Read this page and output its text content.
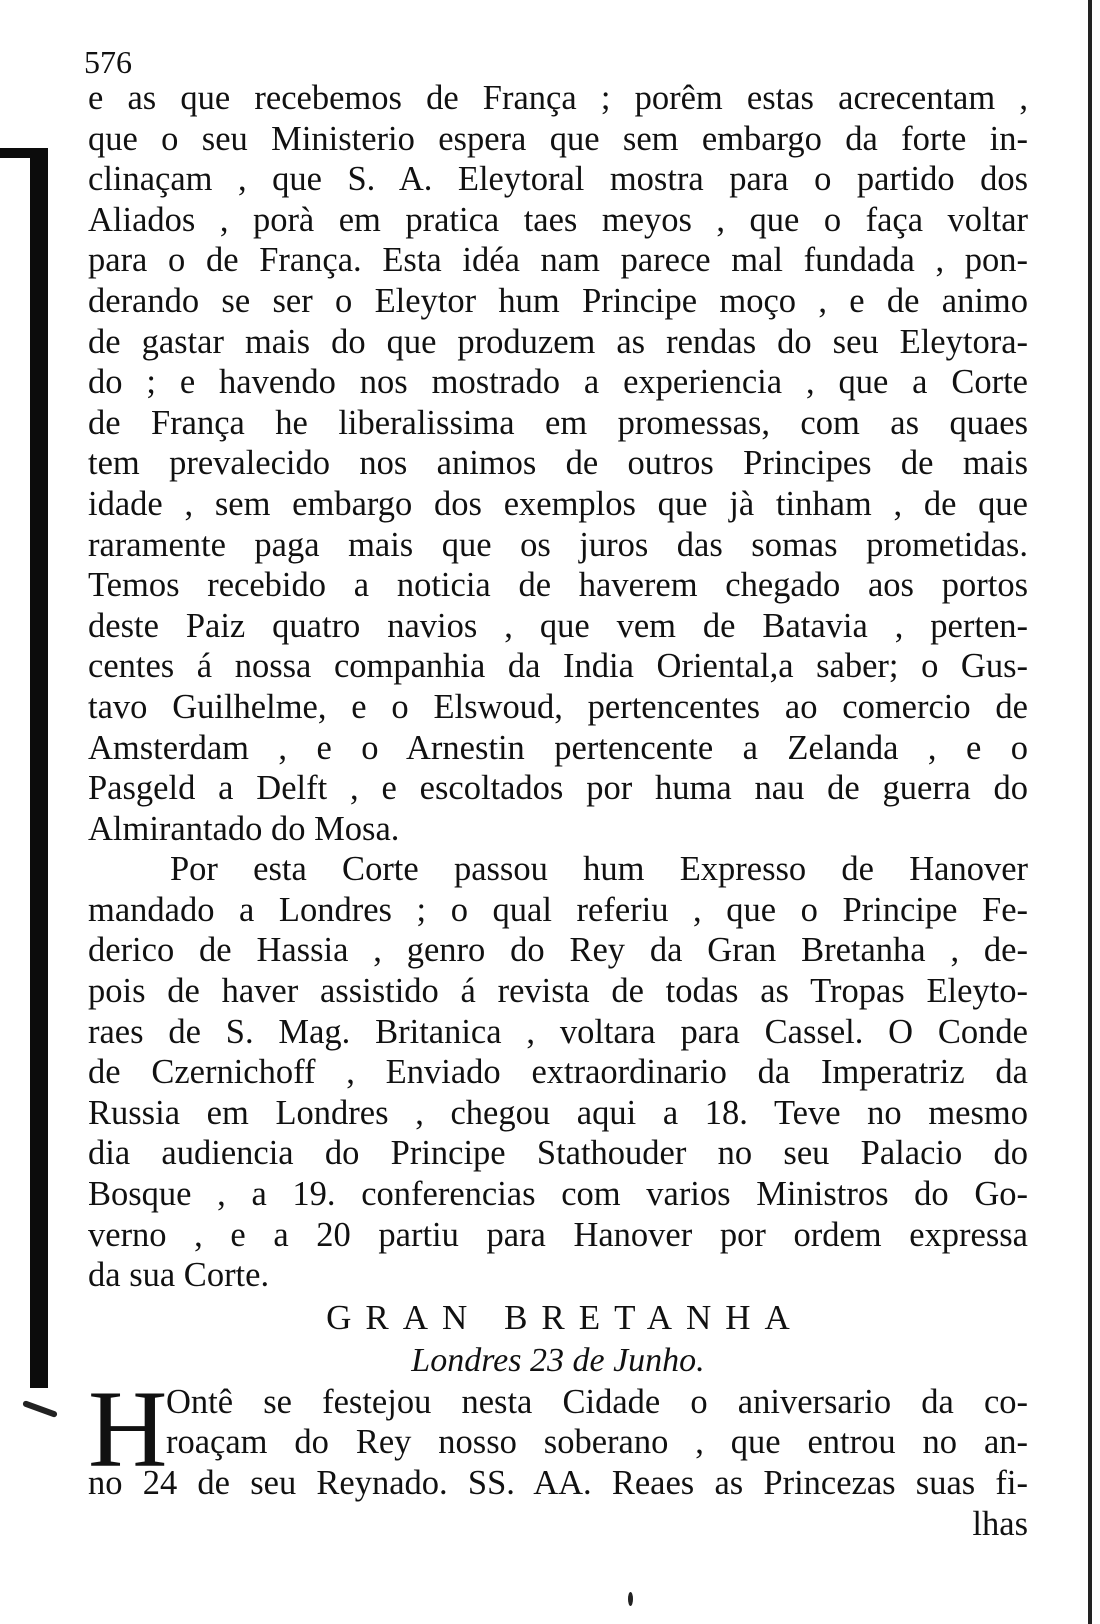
576
e as que recebemos de França ; porêm estas acrecentam ,
que o seu Ministerio espera que sem embargo da forte in-
clinaçam , que S. A. Eleytoral mostra para o partido dos
Aliados , porà em pratica taes meyos , que o faça voltar
para o de França. Esta idéa nam parece mal fundada , pon-
derando se ser o Eleytor hum Principe moço , e de animo
de gastar mais do que produzem as rendas do seu Eleytora-
do ; e havendo nos mostrado a experiencia , que a Corte
de França he liberalissima em promessas, com as quaes
tem prevalecido nos animos de outros Principes de mais
idade , sem embargo dos exemplos que jà tinham , de que
raramente paga mais que os juros das somas prometidas.
Temos recebido a noticia de haverem chegado aos portos
deste Paiz quatro navios , que vem de Batavia , perten-
centes á nossa companhia da India Oriental,a saber; o Gus-
tavo Guilhelme, e o Elswoud, pertencentes ao comercio de
Amsterdam , e o Arnestin pertencente a Zelanda , e o
Pasgeld a Delft , e escoltados por huma nau de guerra do
Almirantado do Mosa.
Por esta Corte passou hum Expresso de Hanover
mandado a Londres ; o qual referiu , que o Principe Fe-
derico de Hassia , genro do Rey da Gran Bretanha , de-
pois de haver assistido á revista de todas as Tropas Eleyto-
raes de S. Mag. Britanica , voltara para Cassel. O Conde
de Czernichoff , Enviado extraordinario da Imperatriz da
Russia em Londres , chegou aqui a 18. Teve no mesmo
dia audiencia do Principe Stathouder no seu Palacio do
Bosque , a 19. conferencias com varios Ministros do Go-
verno , e a 20 partiu para Hanover por ordem expressa
da sua Corte.
GRAN BRETANHA
Londres 23 de Junho.
H
Ontê se festejou nesta Cidade o aniversario da co-
roaçam do Rey nosso soberano , que entrou no an-
no 24 de seu Reynado. SS. AA. Reaes as Princezas suas fi-
lhas
